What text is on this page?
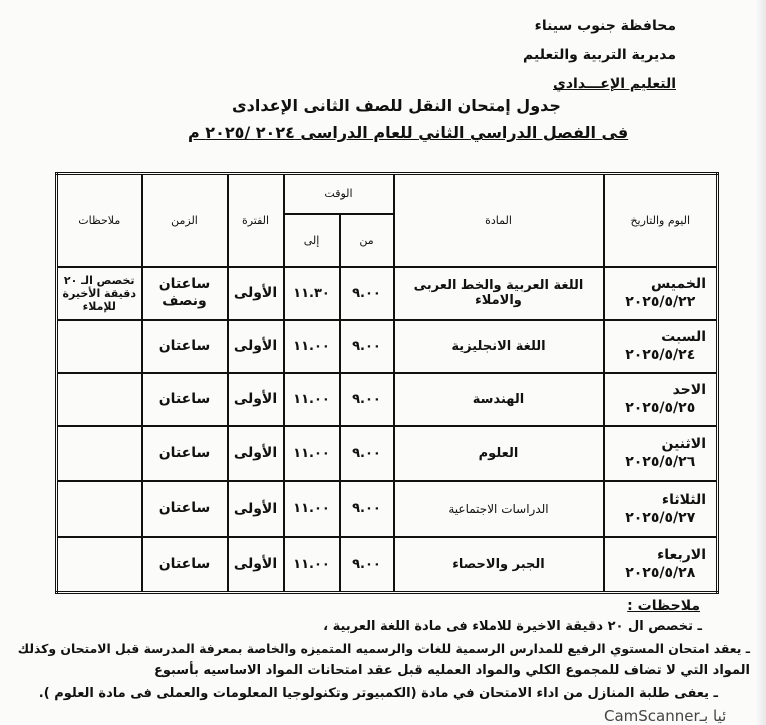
محافظة جنوب سيناء
مديرية التربية والتعليم
التعليم الإعـــدادي
جدول إمتحان النقل للصف الثانى الإعدادى
فى الفصل الدراسي الثاني للعام الدراسى ٢٠٢٤ /٢٠٢٥ م
اليوم والتاريخ	المادة	الوقت		الفترة	الزمن	ملاحظات
		من	إلى			

الخميس
٢٠٢٥/٥/٢٢	اللغة العربية والخط العربى والاملاء	٩.٠٠	١١.٣٠	الأولى	ساعتان ونصف	تخصص الـ ٢٠ دقيقة الأخيرة للإملاء

السبت
٢٠٢٥/٥/٢٤	اللغة الانجليزية	٩.٠٠	١١.٠٠	الأولى	ساعتان	

الاحد
٢٠٢٥/٥/٢٥	الهندسة	٩.٠٠	١١.٠٠	الأولى	ساعتان	

الاثنين
٢٠٢٥/٥/٢٦	العلوم	٩.٠٠	١١.٠٠	الأولى	ساعتان	

الثلاثاء
٢٠٢٥/٥/٢٧	الدراسات الاجتماعية	٩.٠٠	١١.٠٠	الأولى	ساعتان	

الاربعاء
٢٠٢٥/٥/٢٨	الجبر والاحصاء	٩.٠٠	١١.٠٠	الأولى	ساعتان	
ملاحظات :
ـ تخصص ال ٢٠ دقيقة الاخيرة للاملاء فى مادة اللغة العربية ،
ـ يعقد امتحان المستوي الرفيع للمدارس الرسمية للغات والرسميه المتميزه والخاصة بمعرفة المدرسة قبل الامتحان وكذلك
المواد التي لا تضاف للمجموع الكلي والمواد العمليه قبل عقد امتحانات المواد الاساسيه بأسبوع
ـ يعفى طلبة المنازل من اداء الامتحان في مادة (الكمبيوتر وتكنولوجيا المعلومات والعملى فى مادة العلوم ).
CamScannerئيا بـ
